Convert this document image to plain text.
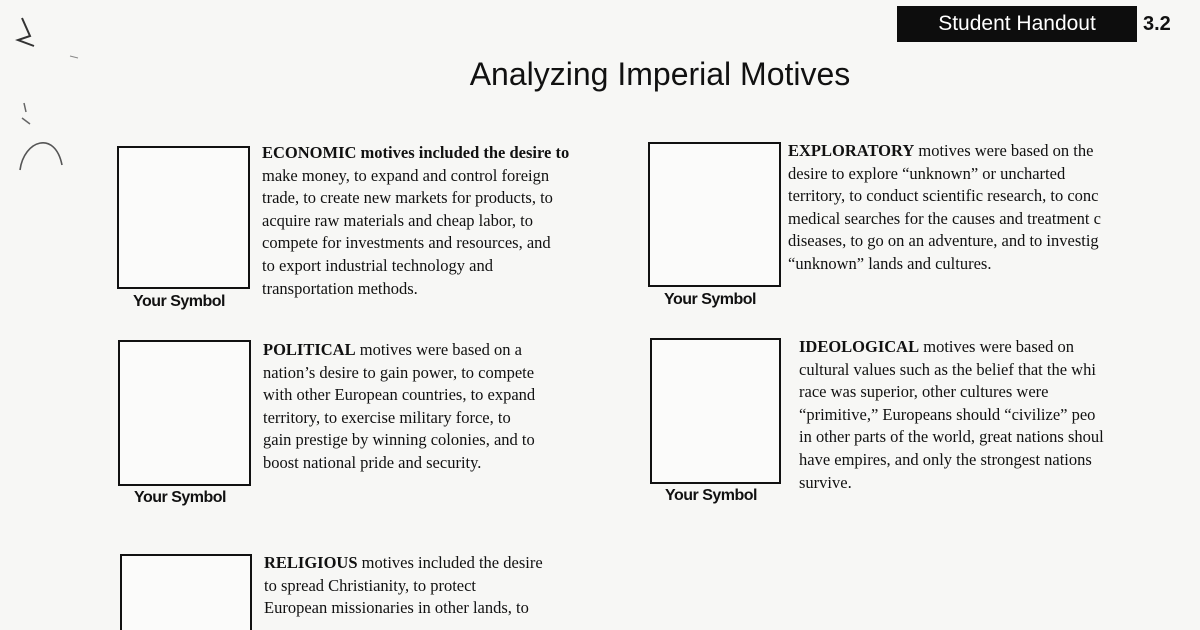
Student Handout	3.2
Analyzing Imperial Motives
Your Symbol

ECONOMIC motives included the desire to
make money, to expand and control foreign
trade, to create new markets for products, to
acquire raw materials and cheap labor, to
compete for investments and resources, and
to export industrial technology and
transportation methods.

Your Symbol

EXPLORATORY motives were based on the
desire to explore “unknown” or uncharted
territory, to conduct scientific research, to conc
medical searches for the causes and treatment c
diseases, to go on an adventure, and to investig
“unknown” lands and cultures.

Your Symbol

POLITICAL motives were based on a
nation’s desire to gain power, to compete
with other European countries, to expand
territory, to exercise military force, to
gain prestige by winning colonies, and to
boost national pride and security.

Your Symbol

IDEOLOGICAL motives were based on
cultural values such as the belief that the whi
race was superior, other cultures were
“primitive,” Europeans should “civilize” peo
in other parts of the world, great nations shoul
have empires, and only the strongest nations
survive.

RELIGIOUS motives included the desire
to spread Christianity, to protect
European missionaries in other lands, to
